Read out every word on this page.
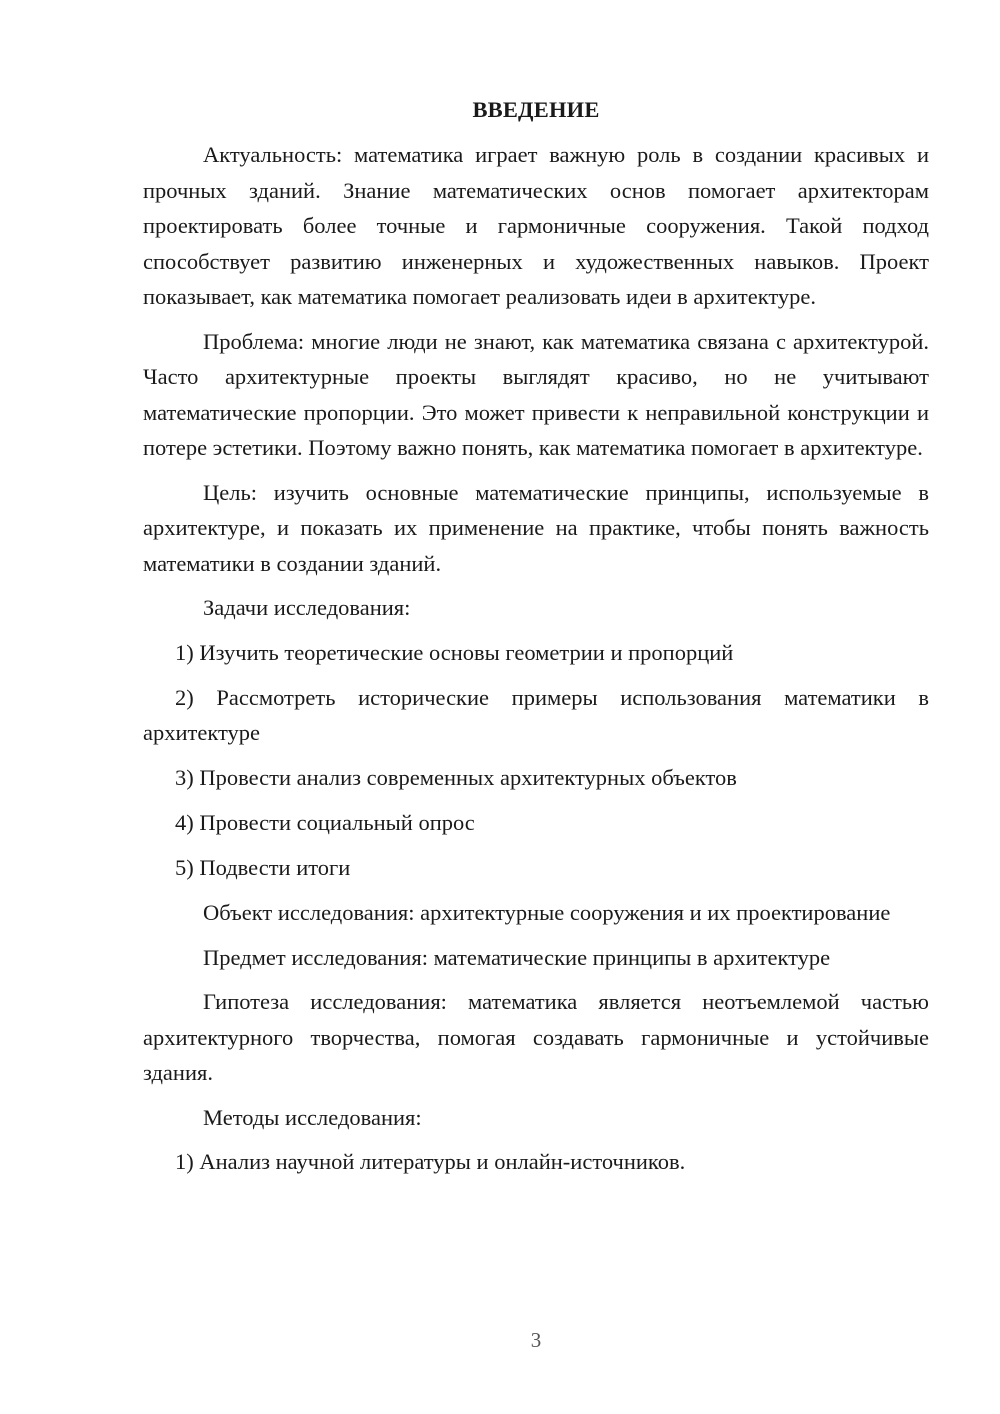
ВВЕДЕНИЕ

Актуальность: математика играет важную роль в создании красивых и прочных зданий. Знание математических основ помогает архитекторам проектировать более точные и гармоничные сооружения. Такой подход способствует развитию инженерных и художественных навыков. Проект показывает, как математика помогает реализовать идеи в архитектуре.

Проблема: многие люди не знают, как математика связана с архитектурой. Часто архитектурные проекты выглядят красиво, но не учитывают математические пропорции. Это может привести к неправильной конструкции и потере эстетики. Поэтому важно понять, как математика помогает в архитектуре.

Цель: изучить основные математические принципы, используемые в архитектуре, и показать их применение на практике, чтобы понять важность математики в создании зданий.

Задачи исследования:

1) Изучить теоретические основы геометрии и пропорций

2) Рассмотреть исторические примеры использования математики в архитектуре

3) Провести анализ современных архитектурных объектов

4) Провести социальный опрос

5) Подвести итоги

Объект исследования: архитектурные сооружения и их проектирование

Предмет исследования: математические принципы в архитектуре

Гипотеза исследования: математика является неотъемлемой частью архитектурного творчества, помогая создавать гармоничные и устойчивые здания.

Методы исследования:

1) Анализ научной литературы и онлайн-источников.

3
